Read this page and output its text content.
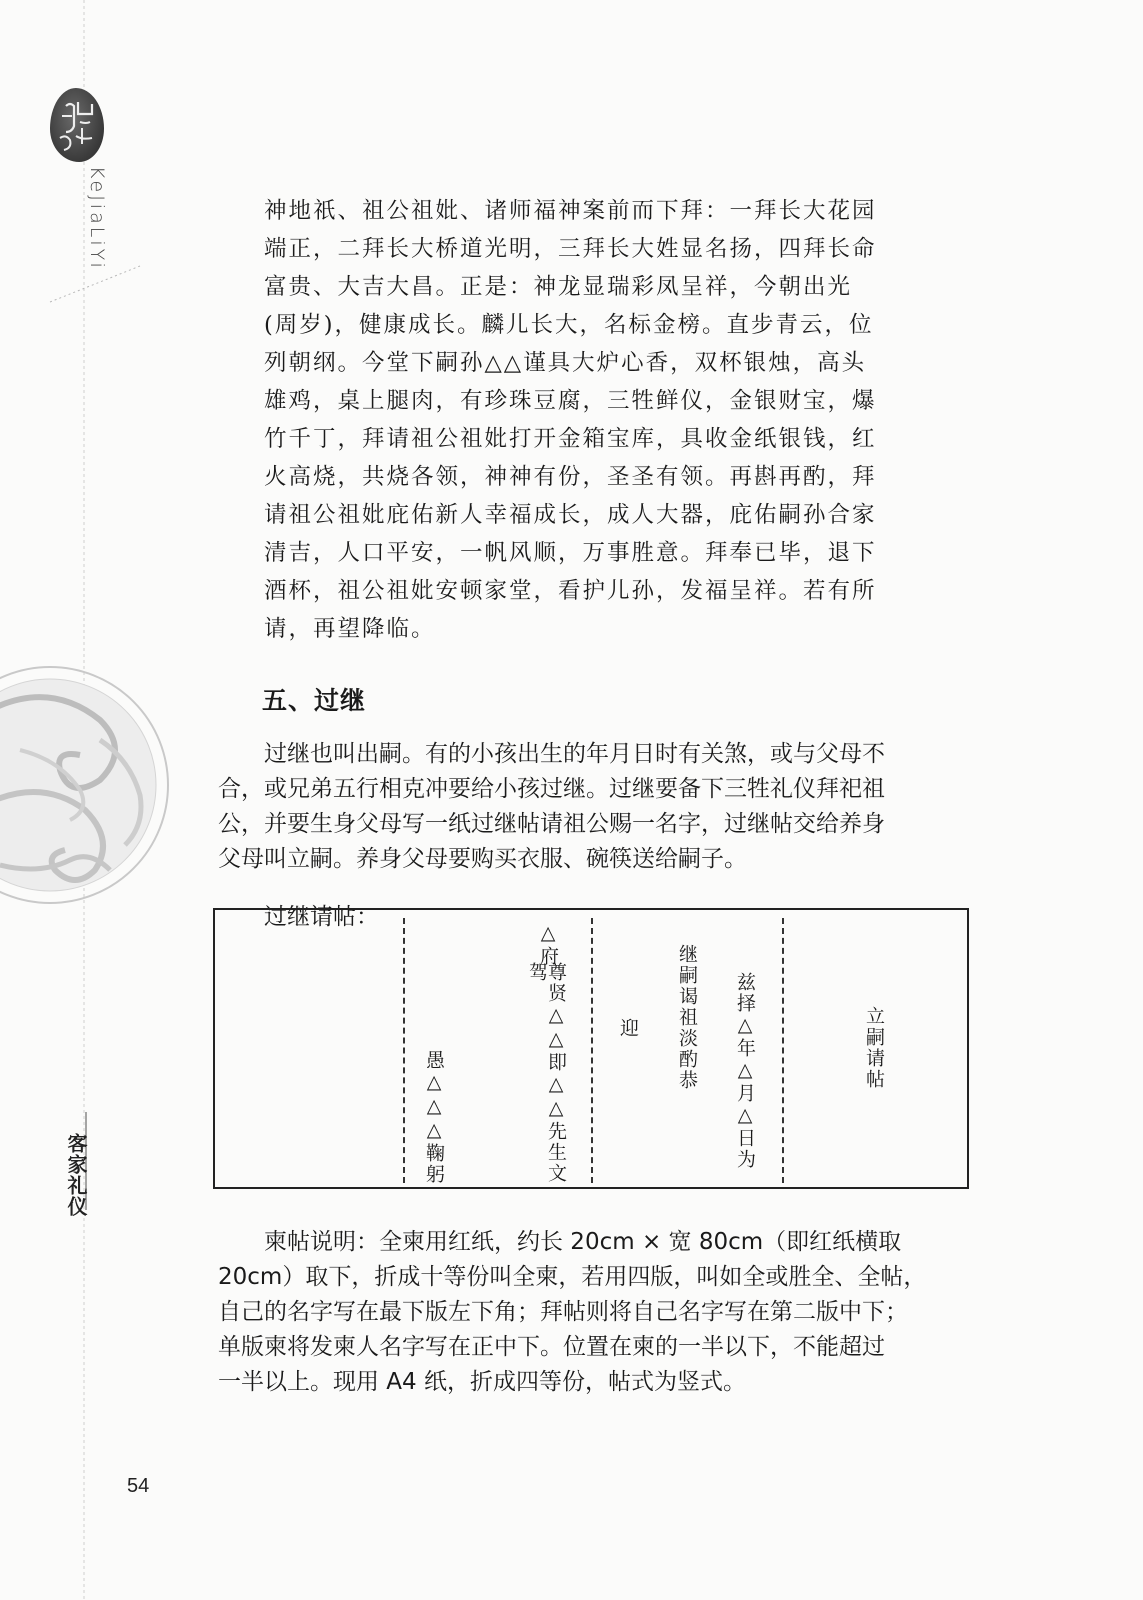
KeJiaLiYi
客家礼仪

神地祇、祖公祖妣、诸师福神案前而下拜：一拜长大花园

端正，二拜长大桥道光明，三拜长大姓显名扬，四拜长命

富贵、大吉大昌。正是：神龙显瑞彩凤呈祥，今朝出光

(周岁)，健康成长。麟儿长大，名标金榜。直步青云，位

列朝纲。今堂下嗣孙△△谨具大炉心香，双杯银烛，高头

雄鸡，桌上腿肉，有珍珠豆腐，三牲鲜仪，金银财宝，爆

竹千丁，拜请祖公祖妣打开金箱宝库，具收金纸银钱，红

火高烧，共烧各领，神神有份，圣圣有领。再斟再酌，拜

请祖公祖妣庇佑新人幸福成长，成人大器，庇佑嗣孙合家

清吉，人口平安，一帆风顺，万事胜意。拜奉已毕，退下

酒杯，祖公祖妣安顿家堂，看护儿孙，发福呈祥。若有所

请，再望降临。

五、过继

　　过继也叫出嗣。有的小孩出生的年月日时有关煞，或与父母不

合，或兄弟五行相克冲要给小孩过继。过继要备下三牲礼仪拜祀祖

公，并要生身父母写一纸过继帖请祖公赐一名字，过继帖交给养身

父母叫立嗣。养身父母要购买衣服、碗筷送给嗣子。

过继请帖：
立嗣请帖
兹择△年△月△日为
继嗣谒祖淡酌恭
迎
△府
尊贤△△即△△先生文驾
愚△△△鞠躬

　　柬帖说明：全柬用红纸，约长 20cm × 宽 80cm（即红纸横取

20cm）取下，折成十等份叫全柬，若用四版，叫如全或胜全、全帖，

自己的名字写在最下版左下角；拜帖则将自己名字写在第二版中下；

单版柬将发柬人名字写在正中下。位置在柬的一半以下，不能超过

一半以上。现用 A4 纸，折成四等份，帖式为竖式。

54
